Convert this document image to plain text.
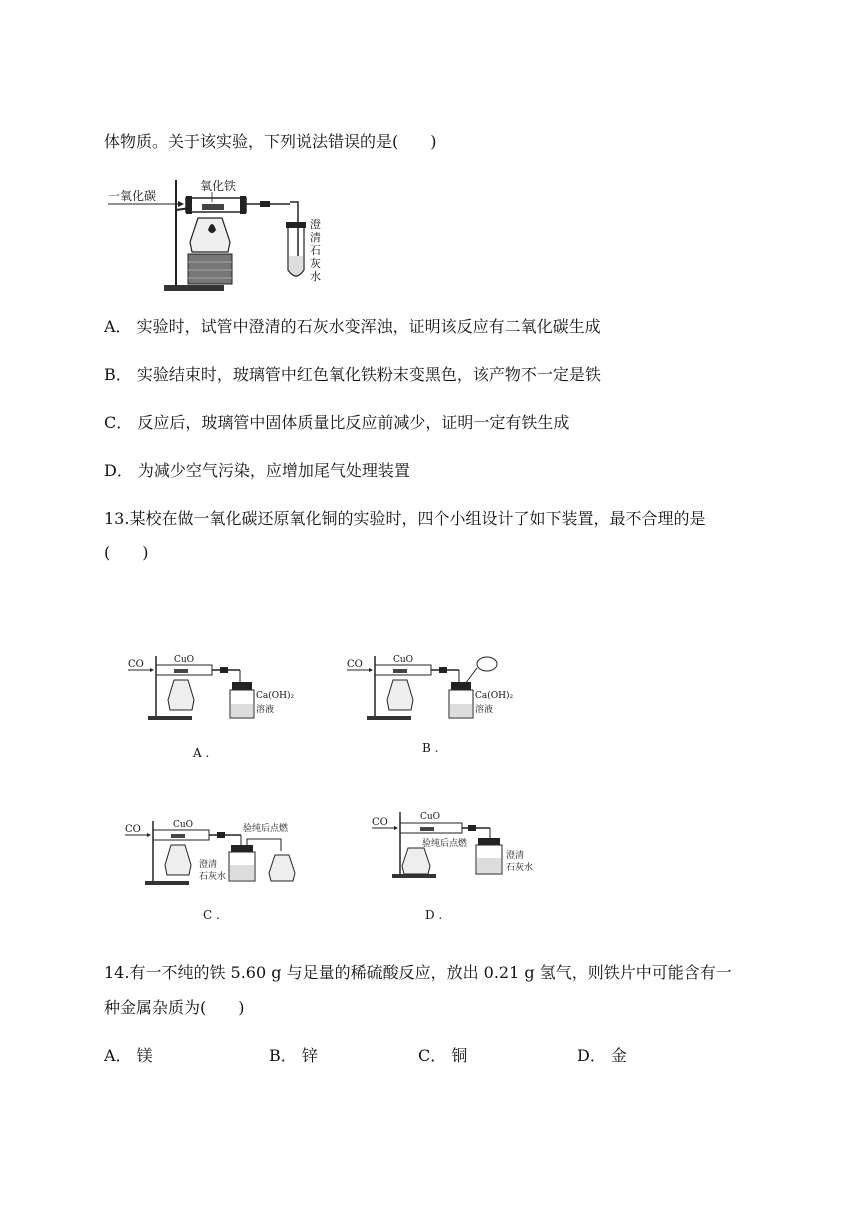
体物质。关于该实验，下列说法错误的是(　　)
一氧化碳
氧化铁
澄
清
石
灰
水
A． 实验时，试管中澄清的石灰水变浑浊，证明该反应有二氧化碳生成
B． 实验结束时，玻璃管中红色氧化铁粉末变黑色，该产物不一定是铁
C． 反应后，玻璃管中固体质量比反应前减少，证明一定有铁生成
D． 为减少空气污染，应增加尾气处理装置
13.某校在做一氧化碳还原氧化铜的实验时，四个小组设计了如下装置，最不合理的是
(　　)
CO	CuO
Ca(OH)₂
溶液
A .
CO	CuO
Ca(OH)₂
溶液
B .
CO	CuO	验纯后点燃
澄清
石灰水
C .
CO	CuO
验纯后点燃
澄清
石灰水
D .
14.有一不纯的铁 5.60 g 与足量的稀硫酸反应，放出 0.21 g 氢气，则铁片中可能含有一
种金属杂质为(　　)
A． 镁	B． 锌	C． 铜	D． 金
